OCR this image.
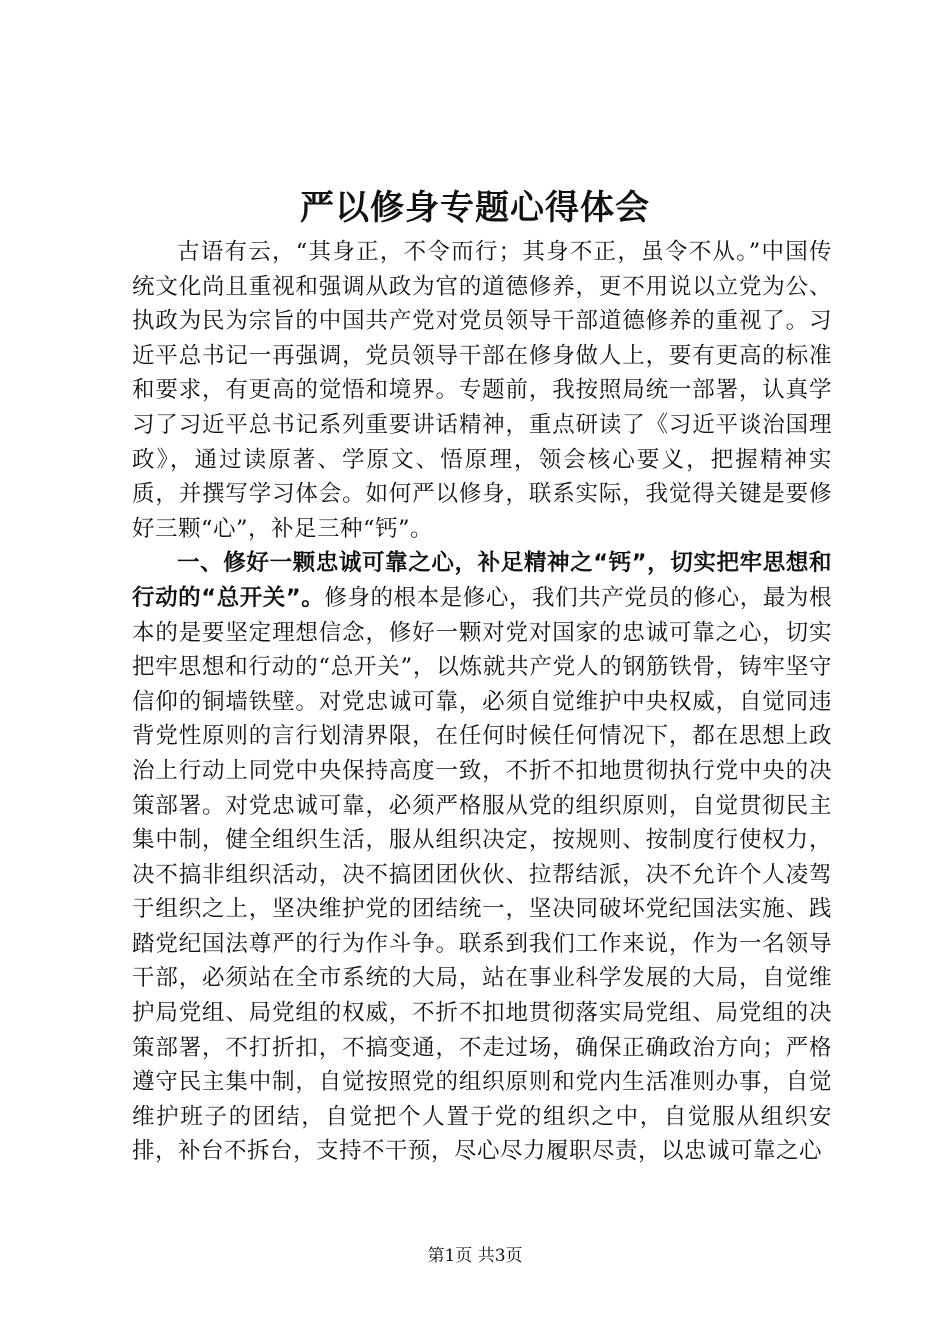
严以修身专题心得体会

古语有云，“其身正，不令而行；其身不正，虽令不从。”中国传统文化尚且重视和强调从政为官的道德修养，更不用说以立党为公、执政为民为宗旨的中国共产党对党员领导干部道德修养的重视了。习近平总书记一再强调，党员领导干部在修身做人上，要有更高的标准和要求，有更高的觉悟和境界。专题前，我按照局统一部署，认真学习了习近平总书记系列重要讲话精神，重点研读了《习近平谈治国理政》，通过读原著、学原文、悟原理，领会核心要义，把握精神实质，并撰写学习体会。如何严以修身，联系实际，我觉得关键是要修好三颗“心”，补足三种“钙”。

一、修好一颗忠诚可靠之心，补足精神之“钙”，切实把牢思想和行动的“总开关”。修身的根本是修心，我们共产党员的修心，最为根本的是要坚定理想信念，修好一颗对党对国家的忠诚可靠之心，切实把牢思想和行动的“总开关”，以炼就共产党人的钢筋铁骨，铸牢坚守信仰的铜墙铁壁。对党忠诚可靠，必须自觉维护中央权威，自觉同违背党性原则的言行划清界限，在任何时候任何情况下，都在思想上政治上行动上同党中央保持高度一致，不折不扣地贯彻执行党中央的决策部署。对党忠诚可靠，必须严格服从党的组织原则，自觉贯彻民主集中制，健全组织生活，服从组织决定，按规则、按制度行使权力，决不搞非组织活动，决不搞团团伙伙、拉帮结派，决不允许个人凌驾于组织之上，坚决维护党的团结统一，坚决同破坏党纪国法实施、践踏党纪国法尊严的行为作斗争。联系到我们工作来说，作为一名领导干部，必须站在全市系统的大局，站在事业科学发展的大局，自觉维护局党组、局党组的权威，不折不扣地贯彻落实局党组、局党组的决策部署，不打折扣，不搞变通，不走过场，确保正确政治方向；严格遵守民主集中制，自觉按照党的组织原则和党内生活准则办事，自觉维护班子的团结，自觉把个人置于党的组织之中，自觉服从组织安排，补台不拆台，支持不干预，尽心尽力履职尽责，以忠诚可靠之心

第1页 共3页
